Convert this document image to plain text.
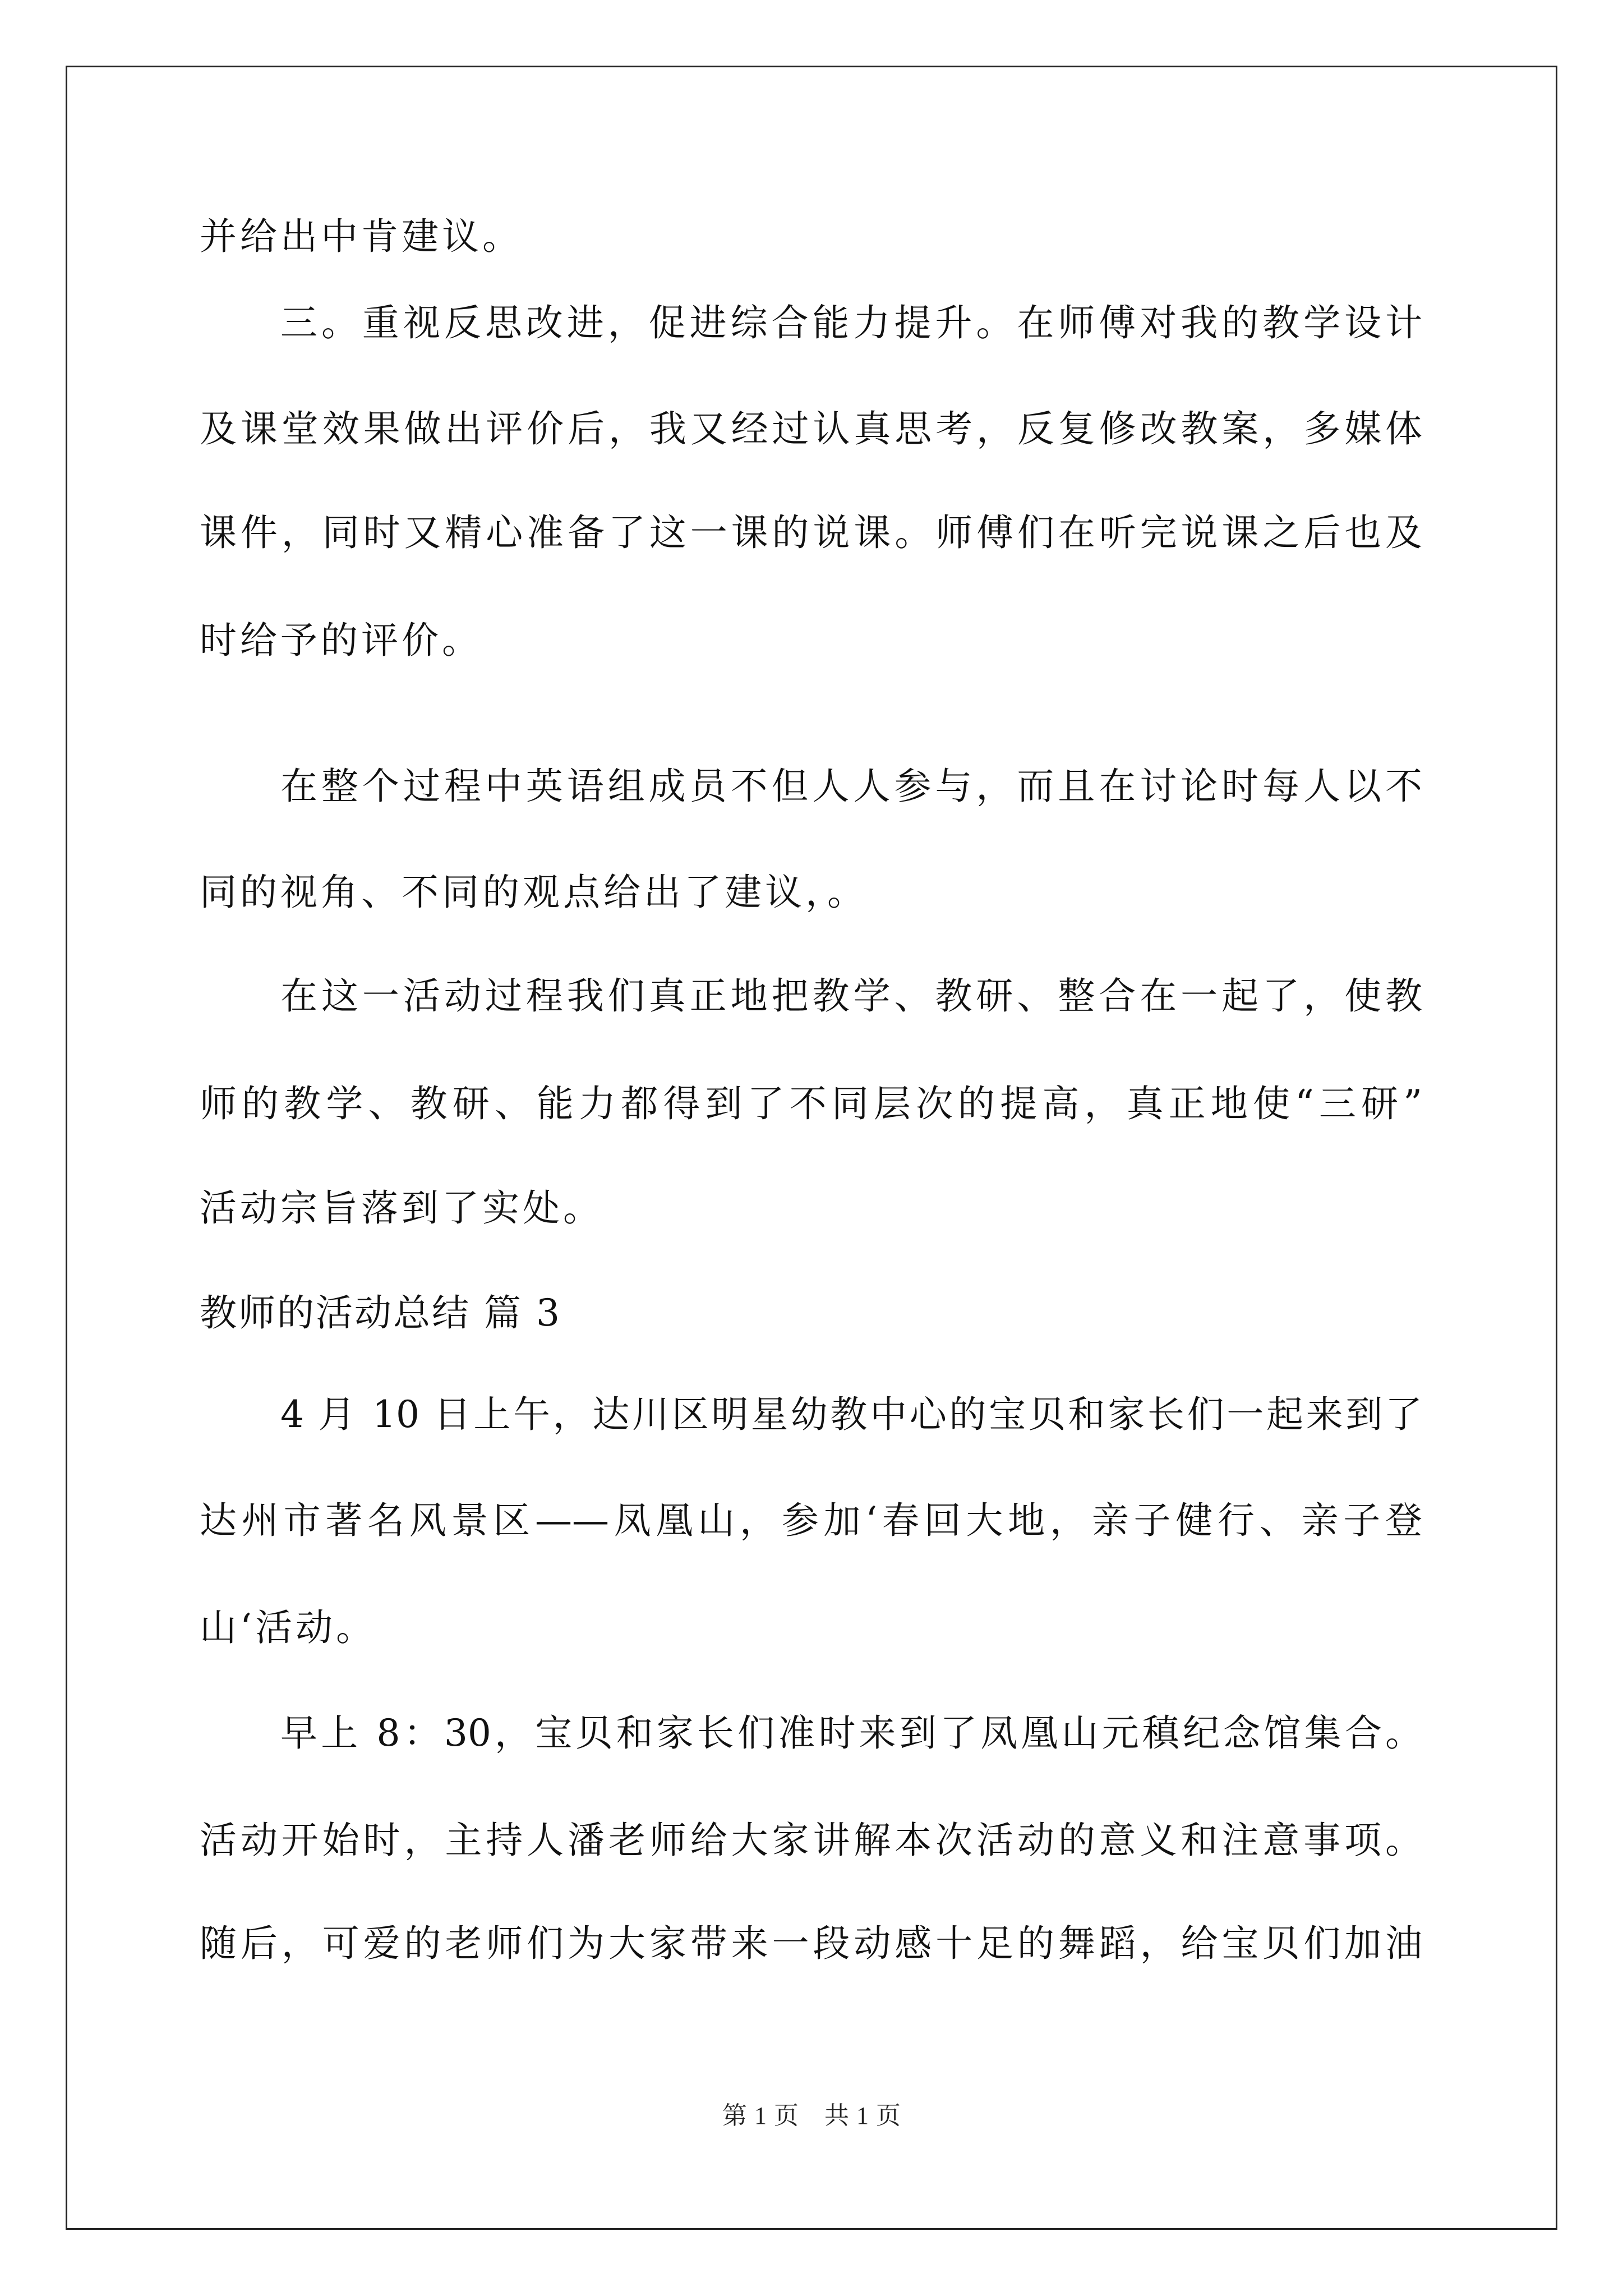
并给出中肯建议。
三。重视反思改进，促进综合能力提升。在师傅对我的教学设计
及课堂效果做出评价后，我又经过认真思考，反复修改教案，多媒体
课件，同时又精心准备了这一课的说课。师傅们在听完说课之后也及
时给予的评价。
在整个过程中英语组成员不但人人参与，而且在讨论时每人以不
同的视角、不同的观点给出了建议，。
在这一活动过程我们真正地把教学、教研、整合在一起了，使教
师的教学、教研、能力都得到了不同层次的提高，真正地使“三研”
活动宗旨落到了实处。
教师的活动总结 篇 3
4 月 10 日上午，达川区明星幼教中心的宝贝和家长们一起来到了
达州市著名风景区——凤凰山，参加‘春回大地，亲子健行、亲子登
山‘活动。
早上 8：30，宝贝和家长们准时来到了凤凰山元稹纪念馆集合。
活动开始时，主持人潘老师给大家讲解本次活动的意义和注意事项。
随后，可爱的老师们为大家带来一段动感十足的舞蹈，给宝贝们加油
第 1 页 共 1 页
